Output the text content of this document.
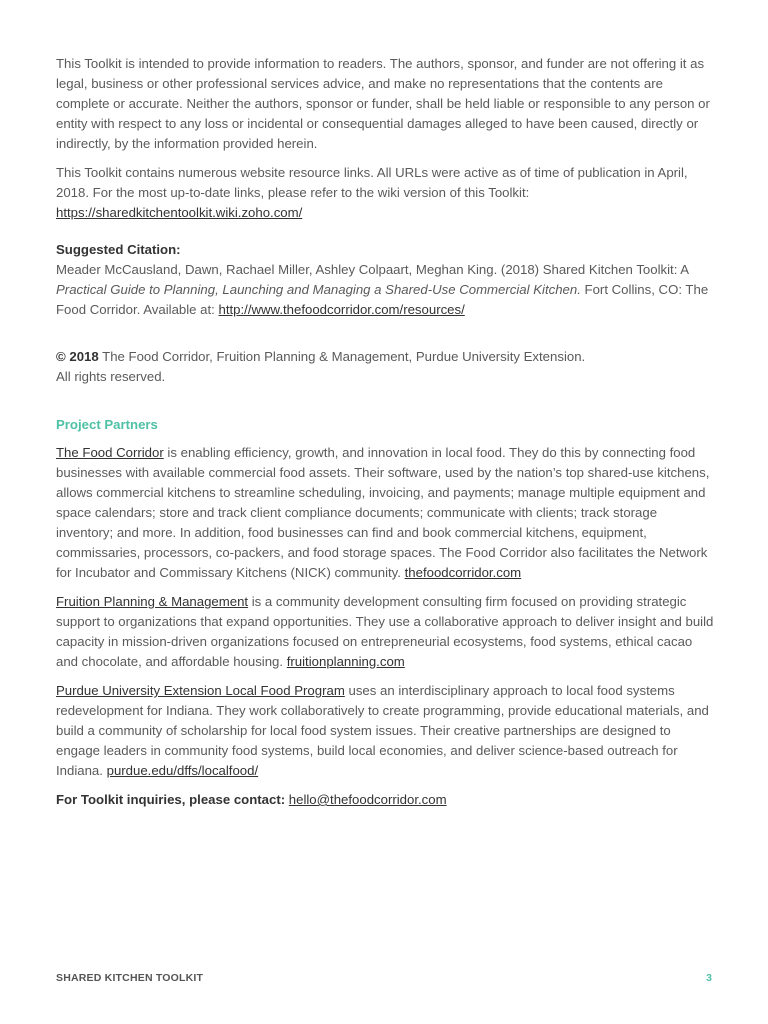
This Toolkit is intended to provide information to readers. The authors, sponsor, and funder are not offering it as legal, business or other professional services advice, and make no representations that the contents are complete or accurate. Neither the authors, sponsor or funder, shall be held liable or responsible to any person or entity with respect to any loss or incidental or consequential damages alleged to have been caused, directly or indirectly, by the information provided herein.

This Toolkit contains numerous website resource links. All URLs were active as of time of publication in April, 2018. For the most up-to-date links, please refer to the wiki version of this Toolkit: https://sharedkitchentoolkit.wiki.zoho.com/

Suggested Citation:

Meader McCausland, Dawn, Rachael Miller, Ashley Colpaart, Meghan King. (2018) Shared Kitchen Toolkit: A Practical Guide to Planning, Launching and Managing a Shared-Use Commercial Kitchen. Fort Collins, CO: The Food Corridor. Available at: http://www.thefoodcorridor.com/resources/

© 2018 The Food Corridor, Fruition Planning & Management, Purdue University Extension.
All rights reserved.

Project Partners

The Food Corridor is enabling efficiency, growth, and innovation in local food. They do this by connecting food businesses with available commercial food assets. Their software, used by the nation’s top shared-use kitchens, allows commercial kitchens to streamline scheduling, invoicing, and payments; manage multiple equipment and space calendars; store and track client compliance documents; communicate with clients; track storage inventory; and more. In addition, food businesses can find and book commercial kitchens, equipment, commissaries, processors, co-packers, and food storage spaces. The Food Corridor also facilitates the Network for Incubator and Commissary Kitchens (NICK) community. thefoodcorridor.com

Fruition Planning & Management is a community development consulting firm focused on providing strategic support to organizations that expand opportunities. They use a collaborative approach to deliver insight and build capacity in mission-driven organizations focused on entrepreneurial ecosystems, food systems, ethical cacao and chocolate, and affordable housing. fruitionplanning.com

Purdue University Extension Local Food Program uses an interdisciplinary approach to local food systems redevelopment for Indiana. They work collaboratively to create programming, provide educational materials, and build a community of scholarship for local food system issues. Their creative partnerships are designed to engage leaders in community food systems, build local economies, and deliver science-based outreach for Indiana. purdue.edu/dffs/localfood/

For Toolkit inquiries, please contact: hello@thefoodcorridor.com

SHARED KITCHEN TOOLKIT	3
